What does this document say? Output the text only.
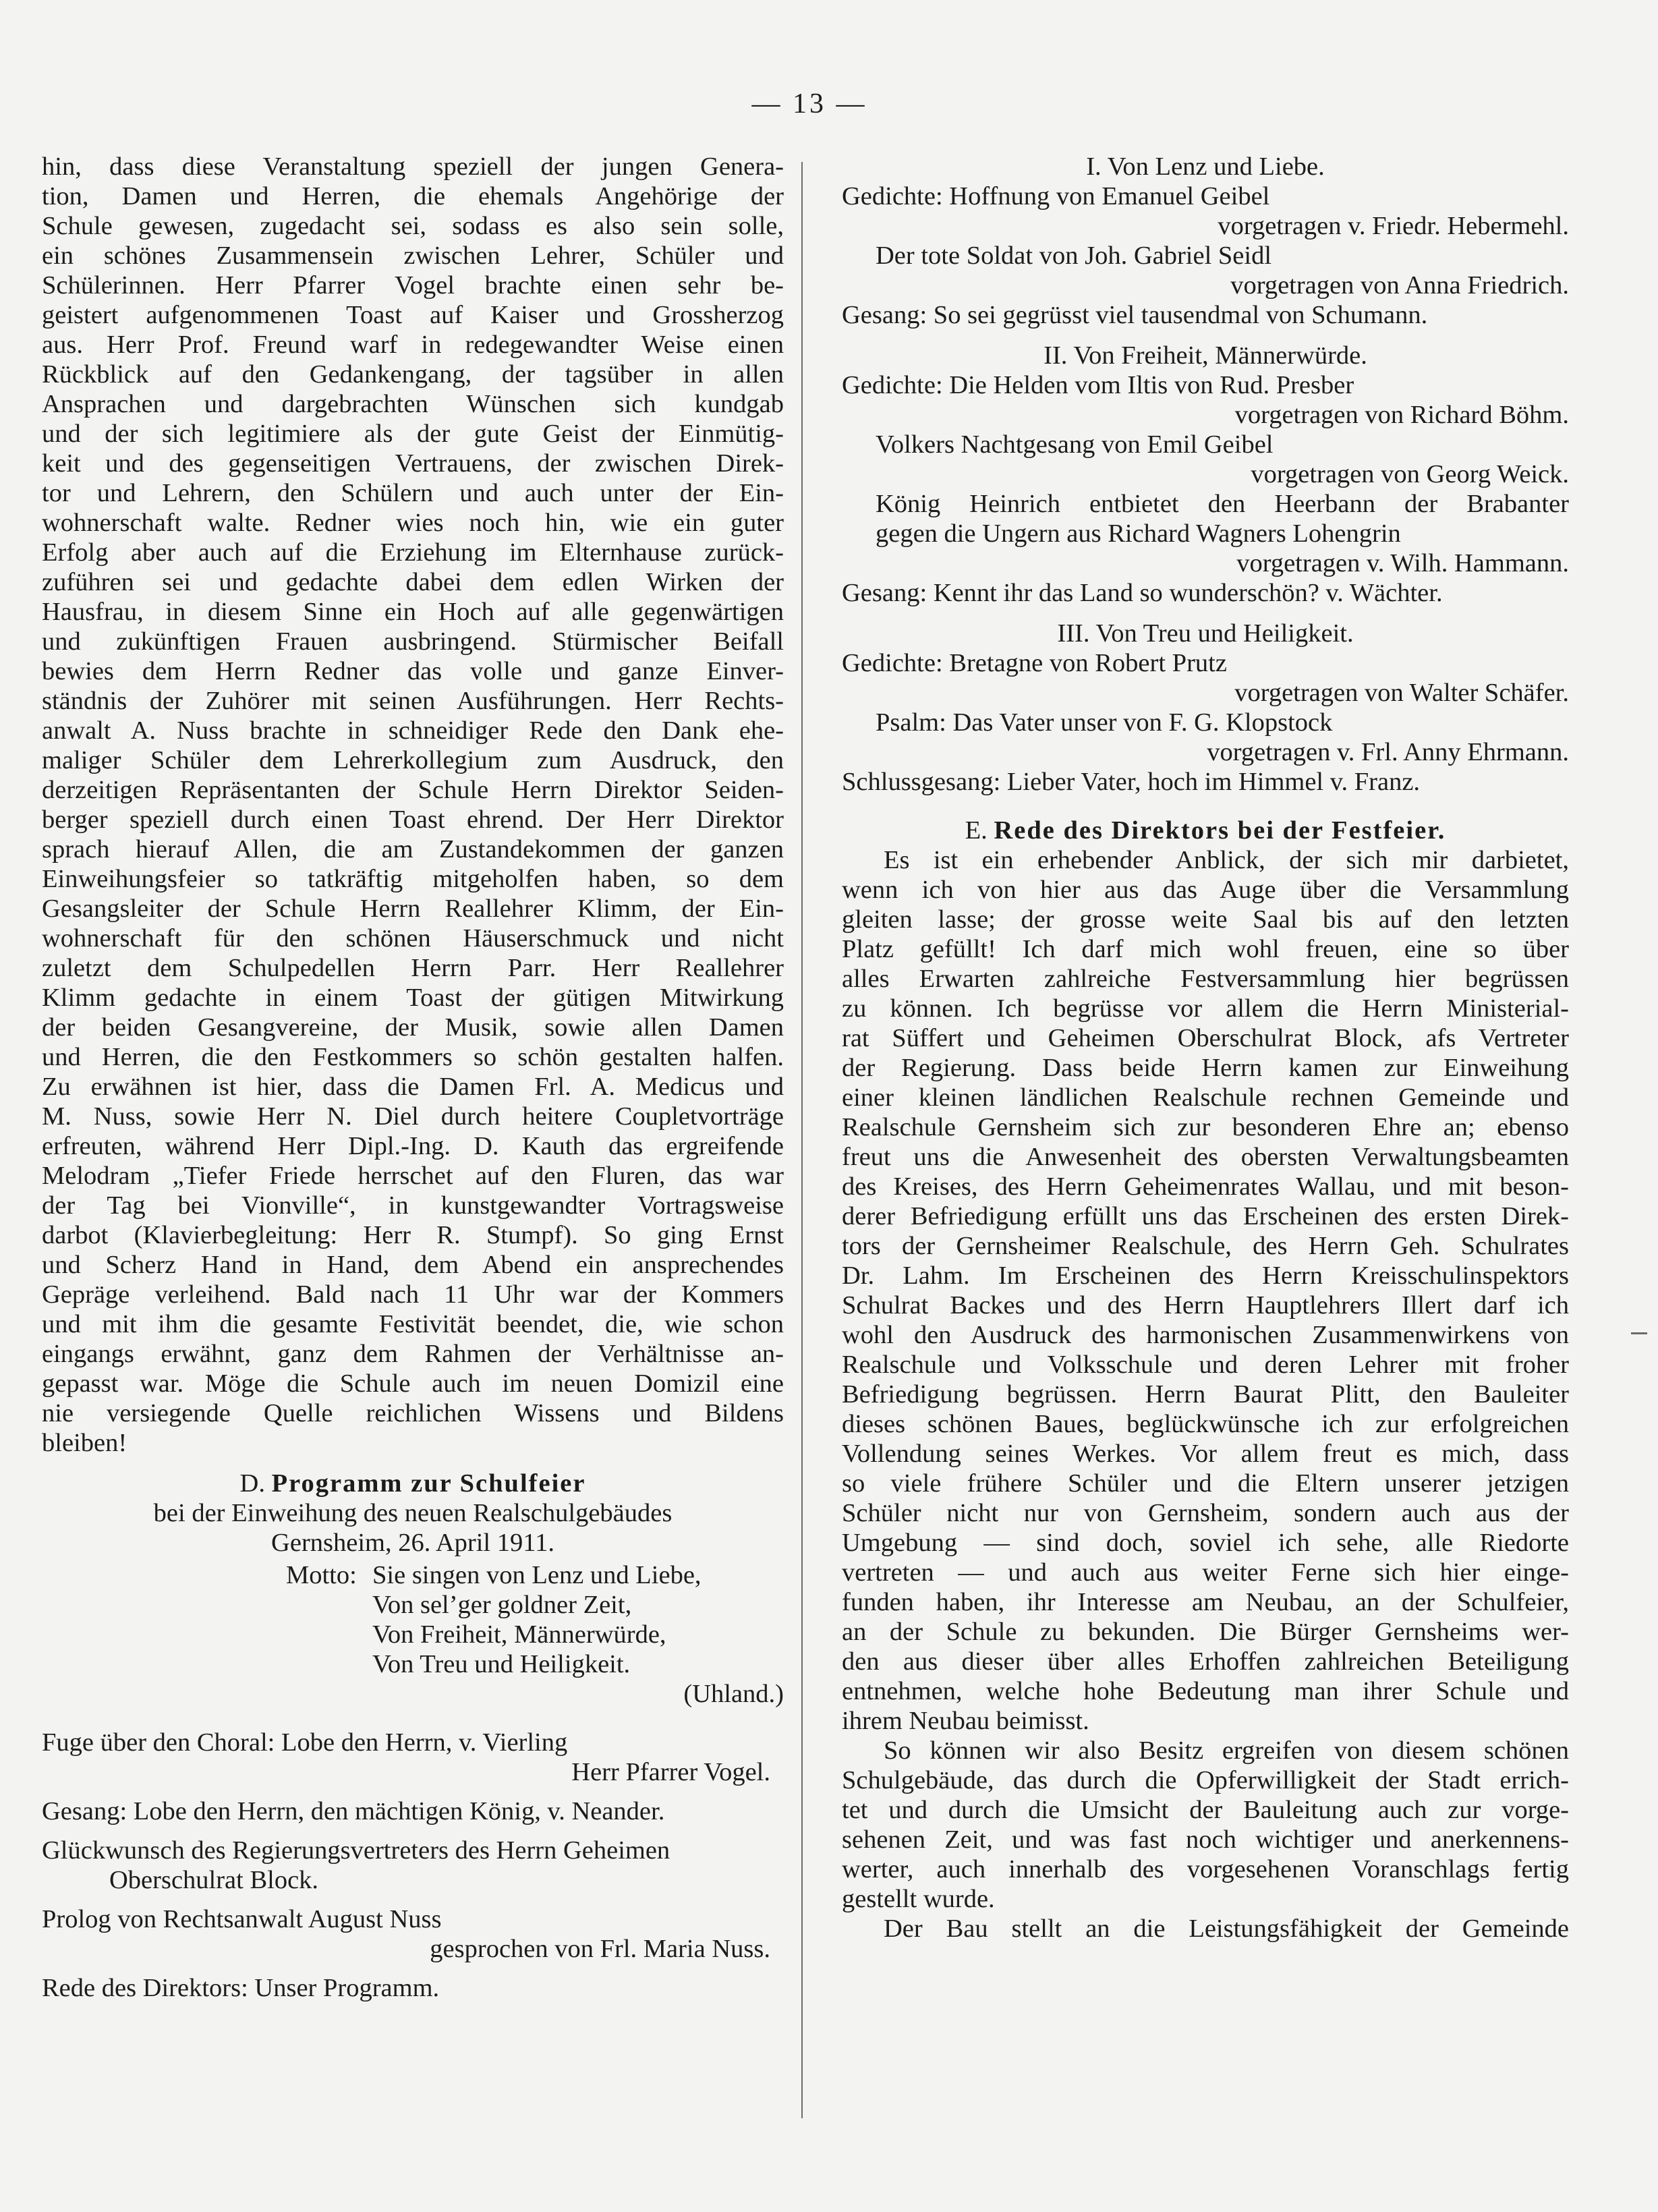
— 13 —
hin, dass diese Veranstaltung speziell der jungen Genera-
tion, Damen und Herren, die ehemals Angehörige der
Schule gewesen, zugedacht sei, sodass es also sein solle,
ein schönes Zusammensein zwischen Lehrer, Schüler und
Schülerinnen. Herr Pfarrer Vogel brachte einen sehr be-
geistert aufgenommenen Toast auf Kaiser und Grossherzog
aus. Herr Prof. Freund warf in redegewandter Weise einen
Rückblick auf den Gedankengang, der tagsüber in allen
Ansprachen und dargebrachten Wünschen sich kundgab
und der sich legitimiere als der gute Geist der Einmütig-
keit und des gegenseitigen Vertrauens, der zwischen Direk-
tor und Lehrern, den Schülern und auch unter der Ein-
wohnerschaft walte. Redner wies noch hin, wie ein guter
Erfolg aber auch auf die Erziehung im Elternhause zurück-
zuführen sei und gedachte dabei dem edlen Wirken der
Hausfrau, in diesem Sinne ein Hoch auf alle gegenwärtigen
und zukünftigen Frauen ausbringend. Stürmischer Beifall
bewies dem Herrn Redner das volle und ganze Einver-
ständnis der Zuhörer mit seinen Ausführungen. Herr Rechts-
anwalt A. Nuss brachte in schneidiger Rede den Dank ehe-
maliger Schüler dem Lehrerkollegium zum Ausdruck, den
derzeitigen Repräsentanten der Schule Herrn Direktor Seiden-
berger speziell durch einen Toast ehrend. Der Herr Direktor
sprach hierauf Allen, die am Zustandekommen der ganzen
Einweihungsfeier so tatkräftig mitgeholfen haben, so dem
Gesangsleiter der Schule Herrn Reallehrer Klimm, der Ein-
wohnerschaft für den schönen Häuserschmuck und nicht
zuletzt dem Schulpedellen Herrn Parr. Herr Reallehrer
Klimm gedachte in einem Toast der gütigen Mitwirkung
der beiden Gesangvereine, der Musik, sowie allen Damen
und Herren, die den Festkommers so schön gestalten halfen.
Zu erwähnen ist hier, dass die Damen Frl. A. Medicus und
M. Nuss, sowie Herr N. Diel durch heitere Coupletvorträge
erfreuten, während Herr Dipl.-Ing. D. Kauth das ergreifende
Melodram „Tiefer Friede herrschet auf den Fluren, das war
der Tag bei Vionville“, in kunstgewandter Vortragsweise
darbot (Klavierbegleitung: Herr R. Stumpf). So ging Ernst
und Scherz Hand in Hand, dem Abend ein ansprechendes
Gepräge verleihend. Bald nach 11 Uhr war der Kommers
und mit ihm die gesamte Festivität beendet, die, wie schon
eingangs erwähnt, ganz dem Rahmen der Verhältnisse an-
gepasst war. Möge die Schule auch im neuen Domizil eine
nie versiegende Quelle reichlichen Wissens und Bildens
bleiben!
D. Programm zur Schulfeier
bei der Einweihung des neuen Realschulgebäudes
Gernsheim, 26. April 1911.
Motto: Sie singen von Lenz und Liebe,
Von sel’ger goldner Zeit,
Von Freiheit, Männerwürde,
Von Treu und Heiligkeit.
(Uhland.)
Fuge über den Choral: Lobe den Herrn, v. Vierling
Herr Pfarrer Vogel.
Gesang: Lobe den Herrn, den mächtigen König, v. Neander.
Glückwunsch des Regierungsvertreters des Herrn Geheimen
Oberschulrat Block.
Prolog von Rechtsanwalt August Nuss
gesprochen von Frl. Maria Nuss.
Rede des Direktors: Unser Programm.
I. Von Lenz und Liebe.
Gedichte: Hoffnung von Emanuel Geibel
vorgetragen v. Friedr. Hebermehl.
Der tote Soldat von Joh. Gabriel Seidl
vorgetragen von Anna Friedrich.
Gesang: So sei gegrüsst viel tausendmal von Schumann.
II. Von Freiheit, Männerwürde.
Gedichte: Die Helden vom Iltis von Rud. Presber
vorgetragen von Richard Böhm.
Volkers Nachtgesang von Emil Geibel
vorgetragen von Georg Weick.
König Heinrich entbietet den Heerbann der Brabanter
gegen die Ungern aus Richard Wagners Lohengrin
vorgetragen v. Wilh. Hammann.
Gesang: Kennt ihr das Land so wunderschön? v. Wächter.
III. Von Treu und Heiligkeit.
Gedichte: Bretagne von Robert Prutz
vorgetragen von Walter Schäfer.
Psalm: Das Vater unser von F. G. Klopstock
vorgetragen v. Frl. Anny Ehrmann.
Schlussgesang: Lieber Vater, hoch im Himmel v. Franz.
E. Rede des Direktors bei der Festfeier.
Es ist ein erhebender Anblick, der sich mir darbietet,
wenn ich von hier aus das Auge über die Versammlung
gleiten lasse; der grosse weite Saal bis auf den letzten
Platz gefüllt! Ich darf mich wohl freuen, eine so über
alles Erwarten zahlreiche Festversammlung hier begrüssen
zu können. Ich begrüsse vor allem die Herrn Ministerial-
rat Süffert und Geheimen Oberschulrat Block, afs Vertreter
der Regierung. Dass beide Herrn kamen zur Einweihung
einer kleinen ländlichen Realschule rechnen Gemeinde und
Realschule Gernsheim sich zur besonderen Ehre an; ebenso
freut uns die Anwesenheit des obersten Verwaltungsbeamten
des Kreises, des Herrn Geheimenrates Wallau, und mit beson-
derer Befriedigung erfüllt uns das Erscheinen des ersten Direk-
tors der Gernsheimer Realschule, des Herrn Geh. Schulrates
Dr. Lahm. Im Erscheinen des Herrn Kreisschulinspektors
Schulrat Backes und des Herrn Hauptlehrers Illert darf ich
wohl den Ausdruck des harmonischen Zusammenwirkens von
Realschule und Volksschule und deren Lehrer mit froher
Befriedigung begrüssen. Herrn Baurat Plitt, den Bauleiter
dieses schönen Baues, beglückwünsche ich zur erfolgreichen
Vollendung seines Werkes. Vor allem freut es mich, dass
so viele frühere Schüler und die Eltern unserer jetzigen
Schüler nicht nur von Gernsheim, sondern auch aus der
Umgebung — sind doch, soviel ich sehe, alle Riedorte
vertreten — und auch aus weiter Ferne sich hier einge-
funden haben, ihr Interesse am Neubau, an der Schulfeier,
an der Schule zu bekunden. Die Bürger Gernsheims wer-
den aus dieser über alles Erhoffen zahlreichen Beteiligung
entnehmen, welche hohe Bedeutung man ihrer Schule und
ihrem Neubau beimisst.
So können wir also Besitz ergreifen von diesem schönen
Schulgebäude, das durch die Opferwilligkeit der Stadt errich-
tet und durch die Umsicht der Bauleitung auch zur vorge-
sehenen Zeit, und was fast noch wichtiger und anerkennens-
werter, auch innerhalb des vorgesehenen Voranschlags fertig
gestellt wurde.
Der Bau stellt an die Leistungsfähigkeit der Gemeinde
